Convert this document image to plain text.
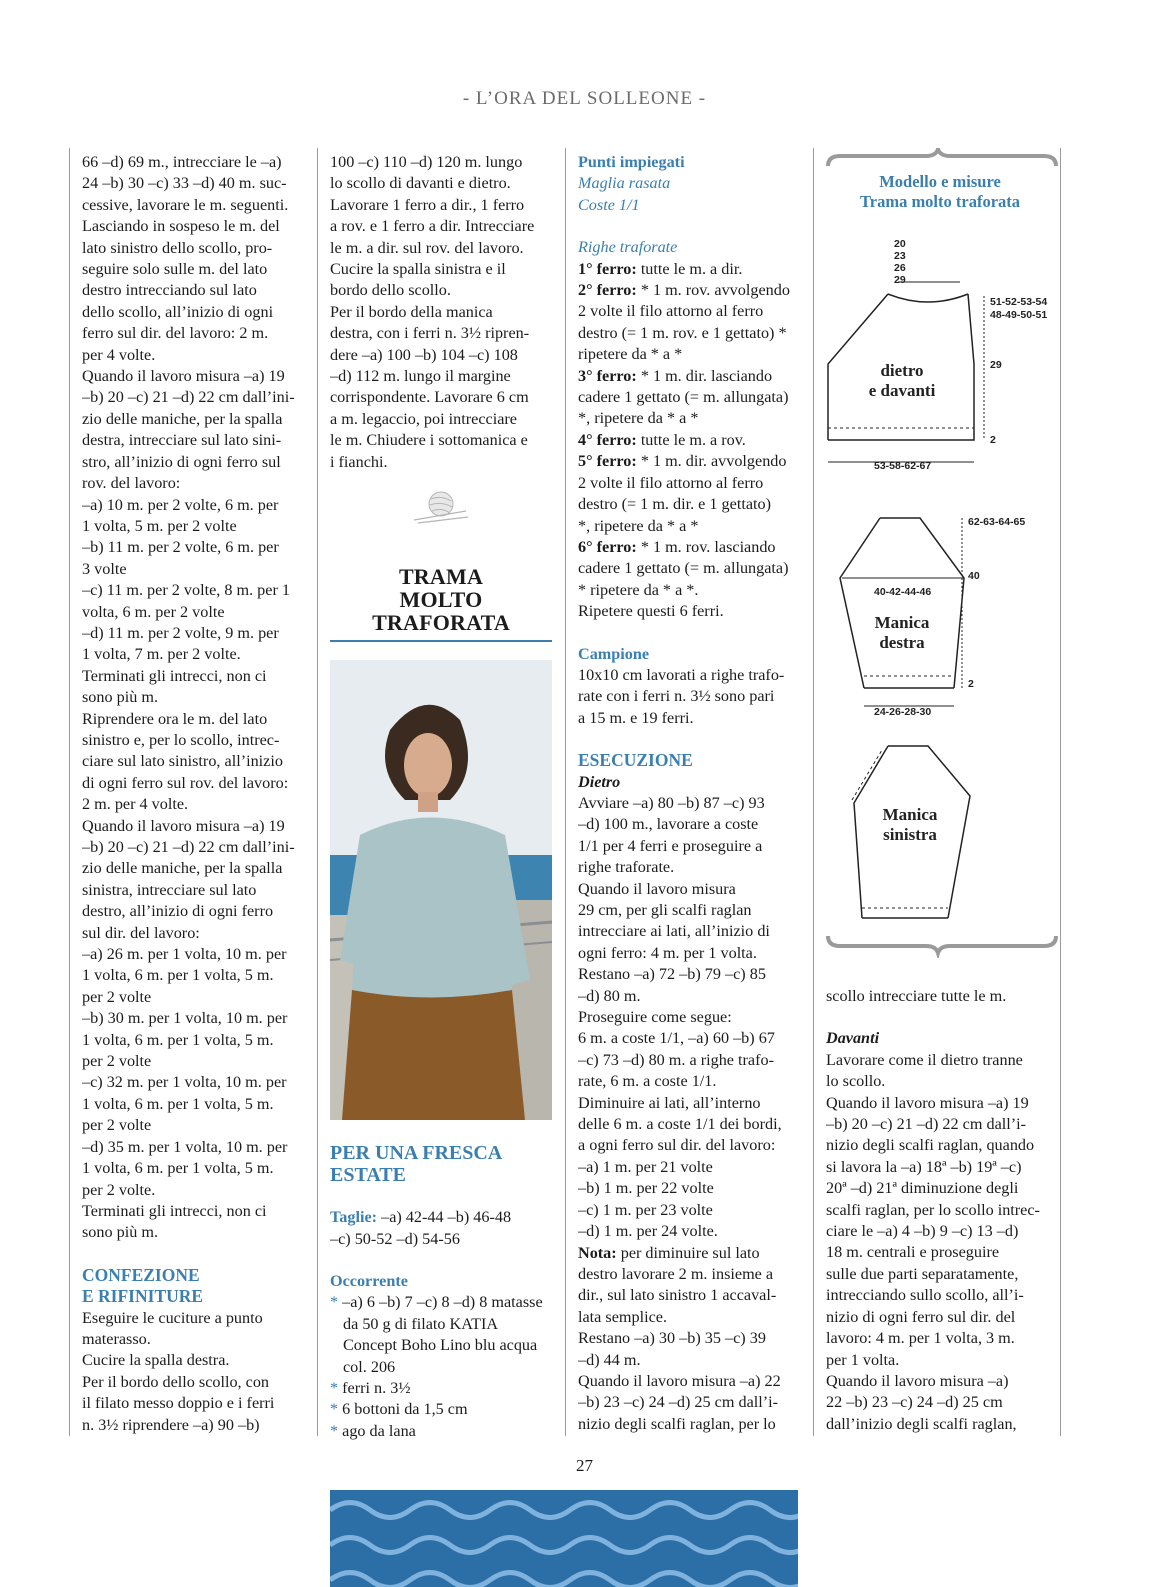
- L’ORA DEL SOLLEONE -
66 –d) 69 m., intrecciare le –a)
24 –b) 30 –c) 33 –d) 40 m. suc-
cessive, lavorare le m. seguenti.
Lasciando in sospeso le m. del
lato sinistro dello scollo, pro-
seguire solo sulle m. del lato
destro intrecciando sul lato
dello scollo, all’inizio di ogni
ferro sul dir. del lavoro: 2 m.
per 4 volte.
Quando il lavoro misura –a) 19
–b) 20 –c) 21 –d) 22 cm dall’ini-
zio delle maniche, per la spalla
destra, intrecciare sul lato sini-
stro, all’inizio di ogni ferro sul
rov. del lavoro:
–a) 10 m. per 2 volte, 6 m. per
1 volta, 5 m. per 2 volte
–b) 11 m. per 2 volte, 6 m. per
3 volte
–c) 11 m. per 2 volte, 8 m. per 1
volta, 6 m. per 2 volte
–d) 11 m. per 2 volte, 9 m. per
1 volta, 7 m. per 2 volte.
Terminati gli intrecci, non ci
sono più m.
Riprendere ora le m. del lato
sinistro e, per lo scollo, intrec-
ciare sul lato sinistro, all’inizio
di ogni ferro sul rov. del lavoro:
2 m. per 4 volte.
Quando il lavoro misura –a) 19
–b) 20 –c) 21 –d) 22 cm dall’ini-
zio delle maniche, per la spalla
sinistra, intrecciare sul lato
destro, all’inizio di ogni ferro
sul dir. del lavoro:
–a) 26 m. per 1 volta, 10 m. per
1 volta, 6 m. per 1 volta, 5 m.
per 2 volte
–b) 30 m. per 1 volta, 10 m. per
1 volta, 6 m. per 1 volta, 5 m.
per 2 volte
–c) 32 m. per 1 volta, 10 m. per
1 volta, 6 m. per 1 volta, 5 m.
per 2 volte
–d) 35 m. per 1 volta, 10 m. per
1 volta, 6 m. per 1 volta, 5 m.
per 2 volte.
Terminati gli intrecci, non ci
sono più m.
CONFEZIONE
E RIFINITURE
Eseguire le cuciture a punto
materasso.
Cucire la spalla destra.
Per il bordo dello scollo, con
il filato messo doppio e i ferri
n. 3½ riprendere –a) 90 –b)
100 –c) 110 –d) 120 m. lungo
lo scollo di davanti e dietro.
Lavorare 1 ferro a dir., 1 ferro
a rov. e 1 ferro a dir. Intrecciare
le m. a dir. sul rov. del lavoro.
Cucire la spalla sinistra e il
bordo dello scollo.
Per il bordo della manica
destra, con i ferri n. 3½ ripren-
dere –a) 100 –b) 104 –c) 108
–d) 112 m. lungo il margine
corrispondente. Lavorare 6 cm
a m. legaccio, poi intrecciare
le m. Chiudere i sottomanica e
i fianchi.
TRAMA
MOLTO TRAFORATA
PER UNA FRESCA
ESTATE
Taglie: –a) 42-44 –b) 46-48
–c) 50-52 –d) 54-56
Occorrente
* –a) 6 –b) 7 –c) 8 –d) 8 matasse
da 50 g di filato KATIA
Concept Boho Lino blu acqua
col. 206
* ferri n. 3½
* 6 bottoni da 1,5 cm
* ago da lana
Punti impiegati
Maglia rasata
Coste 1/1
Righe traforate
1° ferro: tutte le m. a dir.
2° ferro: * 1 m. rov. avvolgendo
2 volte il filo attorno al ferro
destro (= 1 m. rov. e 1 gettato) *
ripetere da * a *
3° ferro: * 1 m. dir. lasciando
cadere 1 gettato (= m. allungata)
*, ripetere da * a *
4° ferro: tutte le m. a rov.
5° ferro: * 1 m. dir. avvolgendo
2 volte il filo attorno al ferro
destro (= 1 m. dir. e 1 gettato)
*, ripetere da * a *
6° ferro: * 1 m. rov. lasciando
cadere 1 gettato (= m. allungata)
* ripetere da * a *.
Ripetere questi 6 ferri.
Campione
10x10 cm lavorati a righe trafo-
rate con i ferri n. 3½ sono pari
a 15 m. e 19 ferri.
ESECUZIONE
Dietro
Avviare –a) 80 –b) 87 –c) 93
–d) 100 m., lavorare a coste
1/1 per 4 ferri e proseguire a
righe traforate.
Quando il lavoro misura
29 cm, per gli scalfi raglan
intrecciare ai lati, all’inizio di
ogni ferro: 4 m. per 1 volta.
Restano –a) 72 –b) 79 –c) 85
–d) 80 m.
Proseguire come segue:
6 m. a coste 1/1, –a) 60 –b) 67
–c) 73 –d) 80 m. a righe trafo-
rate, 6 m. a coste 1/1.
Diminuire ai lati, all’interno
delle 6 m. a coste 1/1 dei bordi,
a ogni ferro sul dir. del lavoro:
–a) 1 m. per 21 volte
–b) 1 m. per 22 volte
–c) 1 m. per 23 volte
–d) 1 m. per 24 volte.
Nota: per diminuire sul lato
destro lavorare 2 m. insieme a
dir., sul lato sinistro 1 accaval-
lata semplice.
Restano –a) 30 –b) 35 –c) 39
–d) 44 m.
Quando il lavoro misura –a) 22
–b) 23 –c) 24 –d) 25 cm dall’i-
nizio degli scalfi raglan, per lo
Modello e misure
Trama molto traforata
20
23
26
29
51-52-53-54
48-49-50-51
29
2
53-58-62-67
dietro
e davanti
62-63-64-65
40-42-44-46
40
2
24-26-28-30
Manica
destra
Manica
sinistra
scollo intrecciare tutte le m.
Davanti
Lavorare come il dietro tranne
lo scollo.
Quando il lavoro misura –a) 19
–b) 20 –c) 21 –d) 22 cm dall’i-
nizio degli scalfi raglan, quando
si lavora la –a) 18ª –b) 19ª –c)
20ª –d) 21ª diminuzione degli
scalfi raglan, per lo scollo intrec-
ciare le –a) 4 –b) 9 –c) 13 –d)
18 m. centrali e proseguire
sulle due parti separatamente,
intrecciando sullo scollo, all’i-
nizio di ogni ferro sul dir. del
lavoro: 4 m. per 1 volta, 3 m.
per 1 volta.
Quando il lavoro misura –a)
22 –b) 23 –c) 24 –d) 25 cm
dall’inizio degli scalfi raglan,
27
